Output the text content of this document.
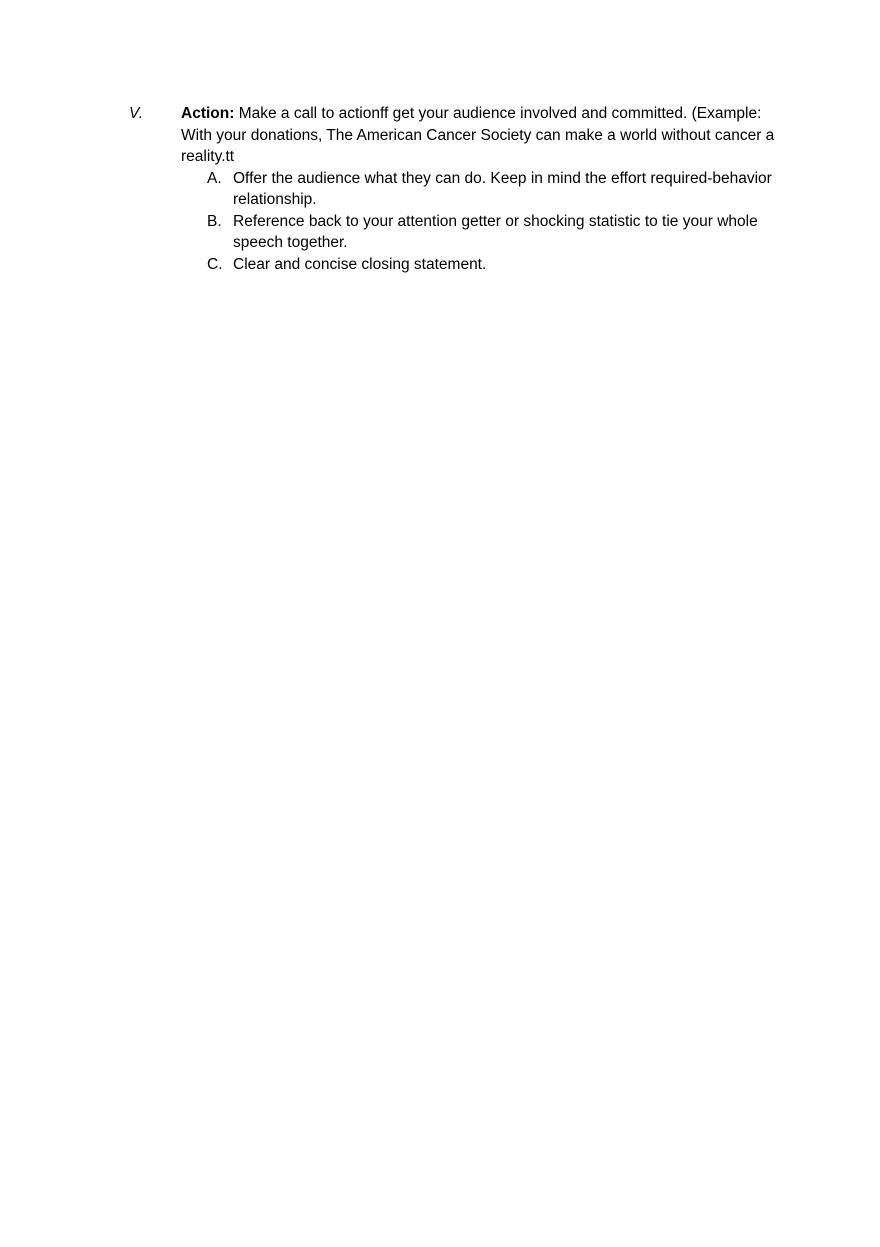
V. Action: Make a call to actionff get your audience involved and committed. (Example: With your donations, The American Cancer Society can make a world without cancer a reality.tt

A. Offer the audience what they can do. Keep in mind the effort required-behavior relationship.
B. Reference back to your attention getter or shocking statistic to tie your whole speech together.
C. Clear and concise closing statement.
